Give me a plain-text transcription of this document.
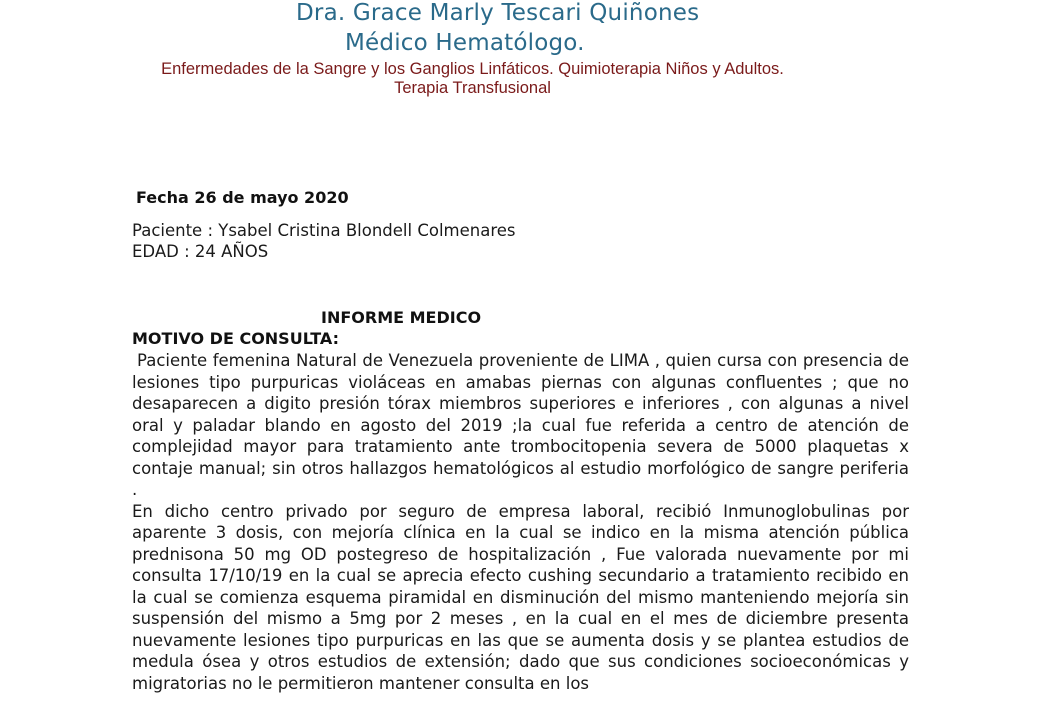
Dra. Grace Marly Tescari Quiñones
Médico Hematólogo.
Enfermedades de la Sangre y los Ganglios Linfáticos. Quimioterapia Niños y Adultos.
Terapia Transfusional
Fecha 26 de mayo 2020
Paciente : Ysabel Cristina Blondell Colmenares
EDAD : 24 AÑOS
INFORME MEDICO
MOTIVO DE CONSULTA:

Paciente femenina Natural de Venezuela proveniente de LIMA , quien cursa con presencia de lesiones tipo purpuricas violáceas en amabas piernas con algunas confluentes ; que no desaparecen a digito presión tórax miembros superiores e inferiores , con algunas a nivel oral y paladar blando en agosto del 2019 ;la cual fue referida a centro de atención de complejidad mayor para tratamiento ante trombocitopenia severa de 5000 plaquetas x contaje manual; sin otros hallazgos hematológicos al estudio morfológico de sangre periferia .

En dicho centro privado por seguro de empresa laboral, recibió Inmunoglobulinas por aparente 3 dosis, con mejoría clínica en la cual se indico en la misma atención pública prednisona 50 mg OD postegreso de hospitalización , Fue valorada nuevamente por mi consulta 17/10/19 en la cual se aprecia efecto cushing secundario a tratamiento recibido en la cual se comienza esquema piramidal en disminución del mismo manteniendo mejoría sin suspensión del mismo a 5mg por 2 meses , en la cual en el mes de diciembre presenta nuevamente lesiones tipo purpuricas en las que se aumenta dosis y se plantea estudios de medula ósea y otros estudios de extensión; dado que sus condiciones socioeconómicas y migratorias no le permitieron mantener consulta en los
